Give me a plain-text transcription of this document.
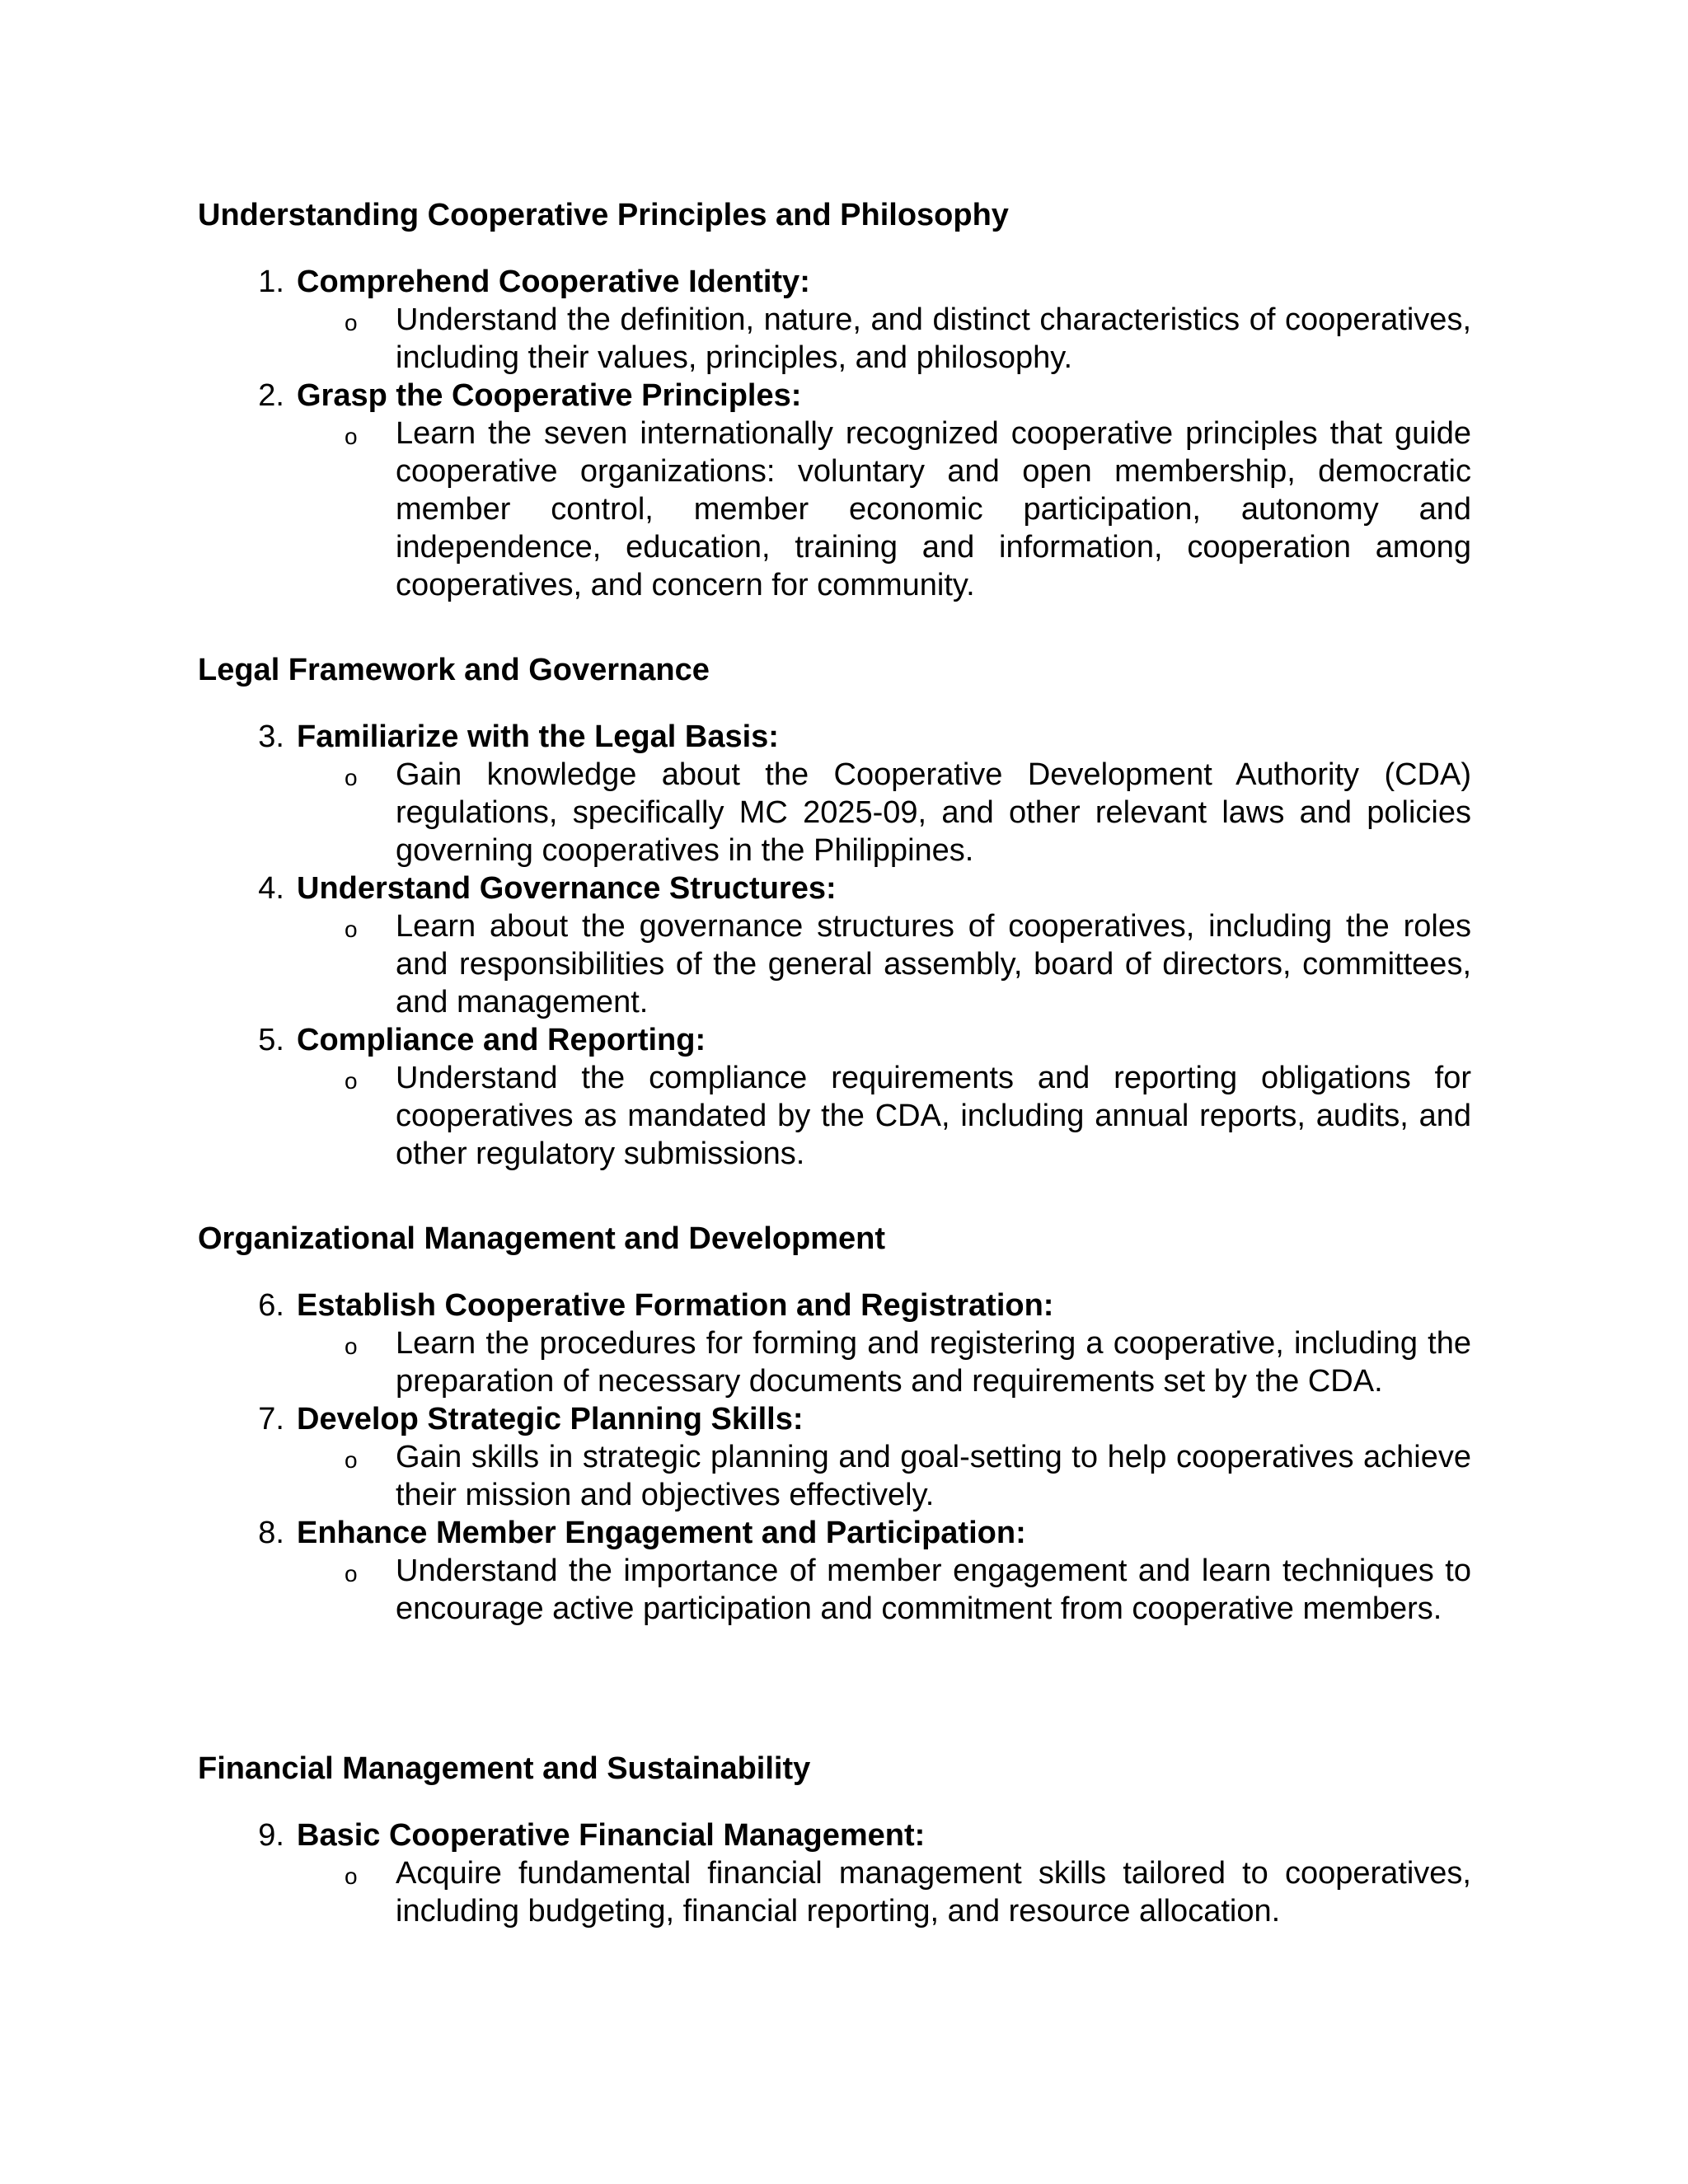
Understanding Cooperative Principles and Philosophy
1. Comprehend Cooperative Identity:
o Understand the definition, nature, and distinct characteristics of cooperatives, including their values, principles, and philosophy.
2. Grasp the Cooperative Principles:
o Learn the seven internationally recognized cooperative principles that guide cooperative organizations: voluntary and open membership, democratic member control, member economic participation, autonomy and independence, education, training and information, cooperation among cooperatives, and concern for community.
Legal Framework and Governance
3. Familiarize with the Legal Basis:
o Gain knowledge about the Cooperative Development Authority (CDA) regulations, specifically MC 2025-09, and other relevant laws and policies governing cooperatives in the Philippines.
4. Understand Governance Structures:
o Learn about the governance structures of cooperatives, including the roles and responsibilities of the general assembly, board of directors, committees, and management.
5. Compliance and Reporting:
o Understand the compliance requirements and reporting obligations for cooperatives as mandated by the CDA, including annual reports, audits, and other regulatory submissions.
Organizational Management and Development
6. Establish Cooperative Formation and Registration:
o Learn the procedures for forming and registering a cooperative, including the preparation of necessary documents and requirements set by the CDA.
7. Develop Strategic Planning Skills:
o Gain skills in strategic planning and goal-setting to help cooperatives achieve their mission and objectives effectively.
8. Enhance Member Engagement and Participation:
o Understand the importance of member engagement and learn techniques to encourage active participation and commitment from cooperative members.
Financial Management and Sustainability
9. Basic Cooperative Financial Management:
o Acquire fundamental financial management skills tailored to cooperatives, including budgeting, financial reporting, and resource allocation.
